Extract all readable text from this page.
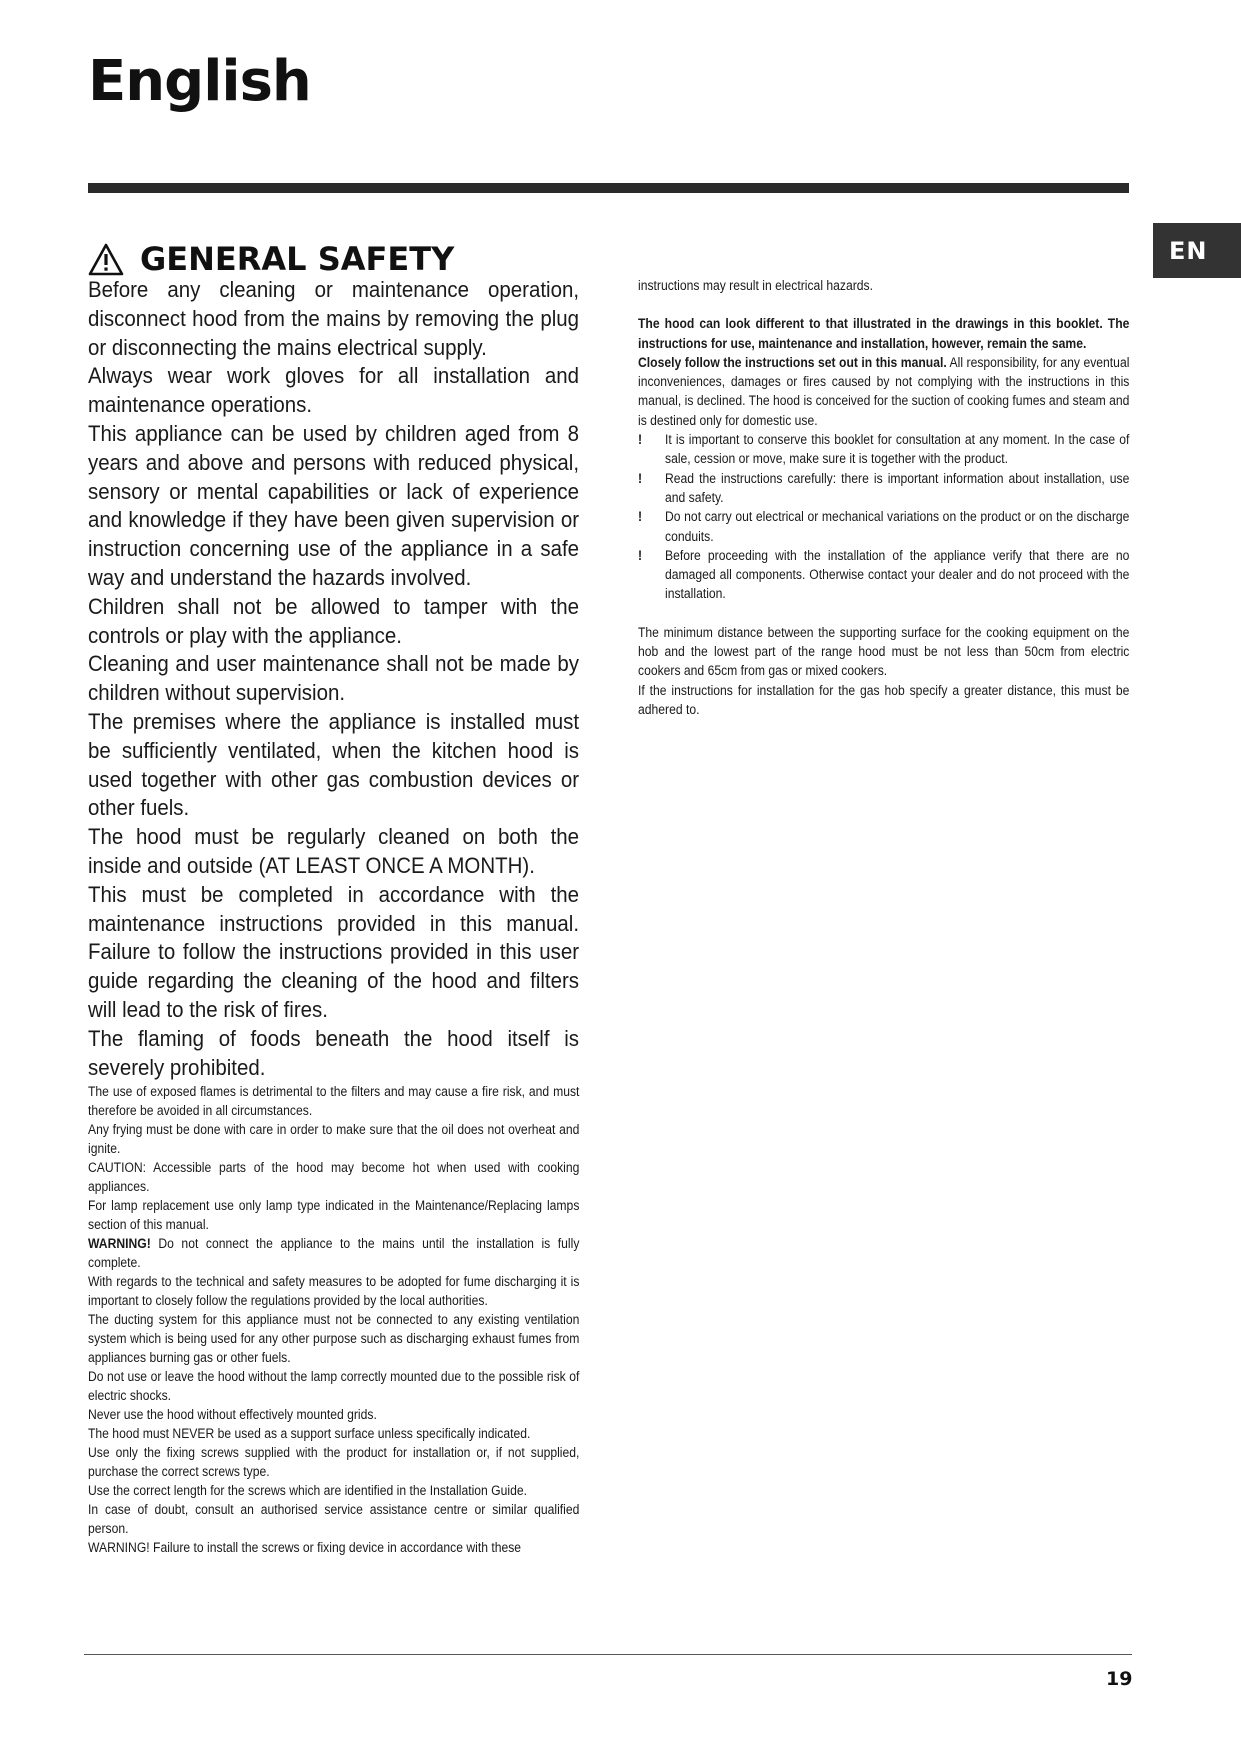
English
EN
GENERAL SAFETY

Before any cleaning or maintenance operation, disconnect hood from the mains by removing the plug or disconnecting the mains electrical supply.

Always wear work gloves for all installation and maintenance operations.

This appliance can be used by children aged from 8 years and above and persons with reduced physical, sensory or mental capabilities or lack of experience and knowledge if they have been given supervision or instruction concerning use of the appliance in a safe way and understand the hazards involved.

Children shall not be allowed to tamper with the controls or play with the appliance.

Cleaning and user maintenance shall not be made by children without supervision.

The premises where the appliance is installed must be sufficiently ventilated, when the kitchen hood is used together with other gas combustion devices or other fuels.

The hood must be regularly cleaned on both the inside and outside (AT LEAST ONCE A MONTH).

This must be completed in accordance with the maintenance instructions provided in this manual. Failure to follow the instructions provided in this user guide regarding the cleaning of the hood and filters will lead to the risk of fires.

The flaming of foods beneath the hood itself is severely prohibited.

The use of exposed flames is detrimental to the filters and may cause a fire risk, and must therefore be avoided in all circumstances.

Any frying must be done with care in order to make sure that the oil does not overheat and ignite.

CAUTION: Accessible parts of the hood may become hot when used with cooking appliances.

For lamp replacement use only lamp type indicated in the Maintenance/Replacing lamps section of this manual.

WARNING! Do not connect the appliance to the mains until the installation is fully complete.

With regards to the technical and safety measures to be adopted for fume discharging it is important to closely follow the regulations provided by the local authorities.

The ducting system for this appliance must not be connected to any existing ventilation system which is being used for any other purpose such as discharging exhaust fumes from appliances burning gas or other fuels.

Do not use or leave the hood without the lamp correctly mounted due to the possible risk of electric shocks.

Never use the hood without effectively mounted grids.

The hood must NEVER be used as a support surface unless specifically indicated.

Use only the fixing screws supplied with the product for installation or, if not supplied, purchase the correct screws type.

Use the correct length for the screws which are identified in the Installation Guide.

In case of doubt, consult an authorised service assistance centre or similar qualified person.

WARNING! Failure to install the screws or fixing device in accordance with these

instructions may result in electrical hazards.

The hood can look different to that illustrated in the drawings in this booklet. The instructions for use, maintenance and installation, however, remain the same.

Closely follow the instructions set out in this manual. All responsibility, for any eventual inconveniences, damages or fires caused by not complying with the instructions in this manual, is declined. The hood is conceived for the suction of cooking fumes and steam and is destined only for domestic use.

! It is important to conserve this booklet for consultation at any moment. In the case of sale, cession or move, make sure it is together with the product.
! Read the instructions carefully: there is important information about installation, use and safety.
! Do not carry out electrical or mechanical variations on the product or on the discharge conduits.
! Before proceeding with the installation of the appliance verify that there are no damaged all components. Otherwise contact your dealer and do not proceed with the installation.

The minimum distance between the supporting surface for the cooking equipment on the hob and the lowest part of the range hood must be not less than 50cm from electric cookers and 65cm from gas or mixed cookers.

If the instructions for installation for the gas hob specify a greater distance, this must be adhered to.

19
